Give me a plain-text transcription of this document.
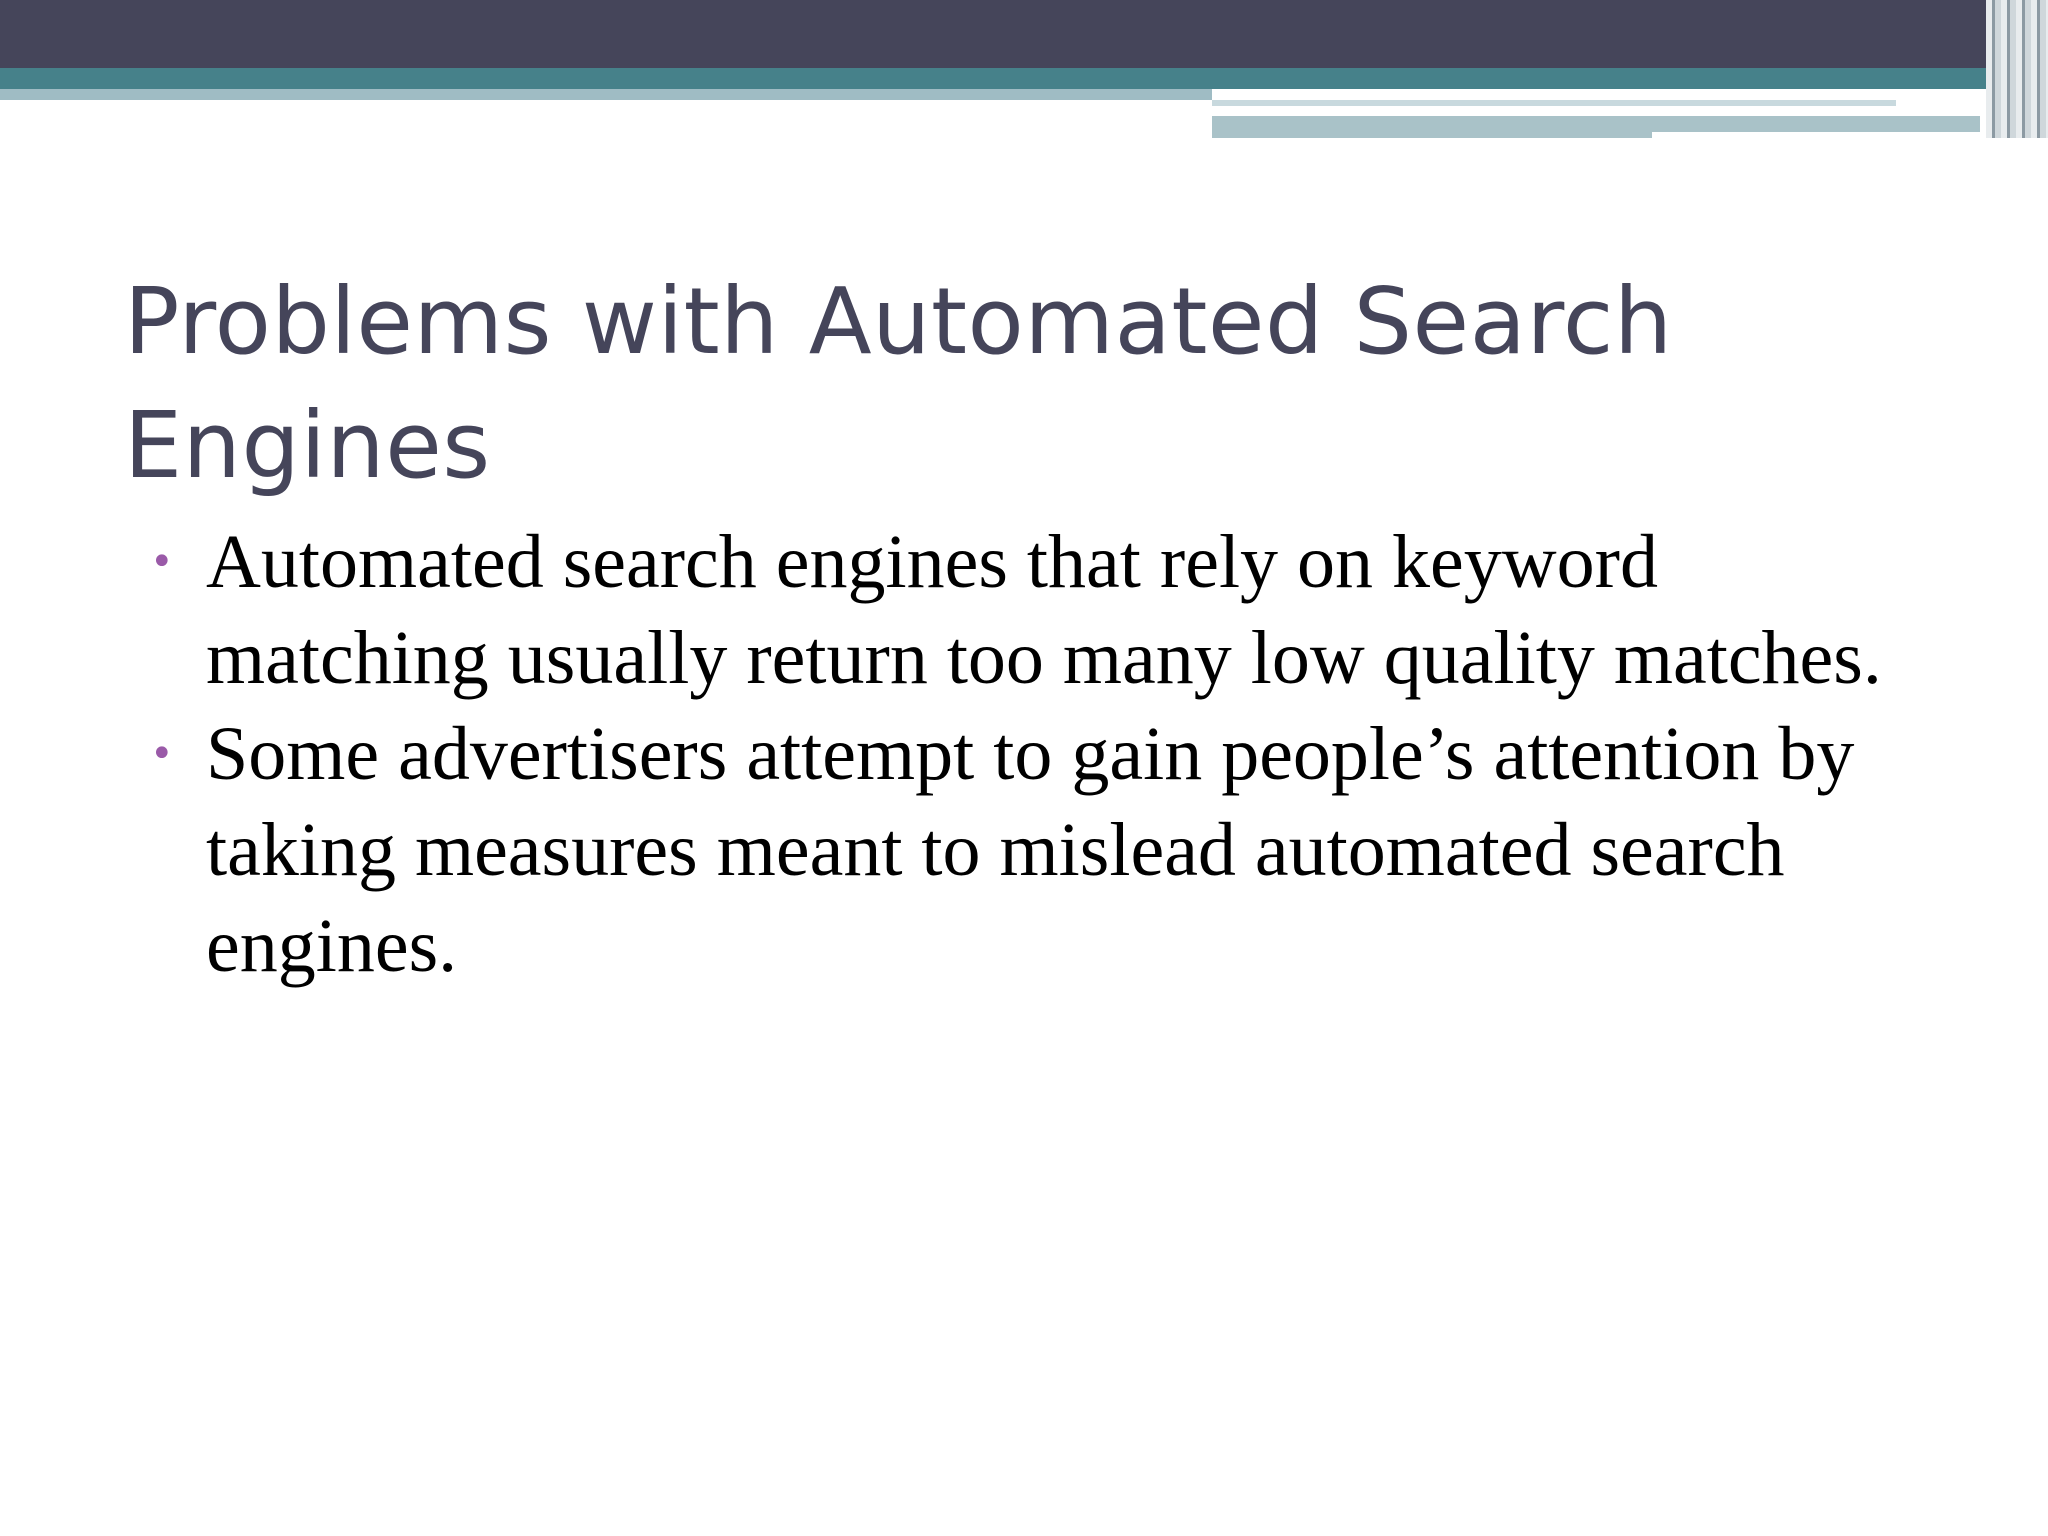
Problems with Automated Search Engines
• Automated search engines that rely on keyword matching usually return too many low quality matches.
• Some advertisers attempt to gain people’s attention by taking measures meant to mislead automated search engines.
